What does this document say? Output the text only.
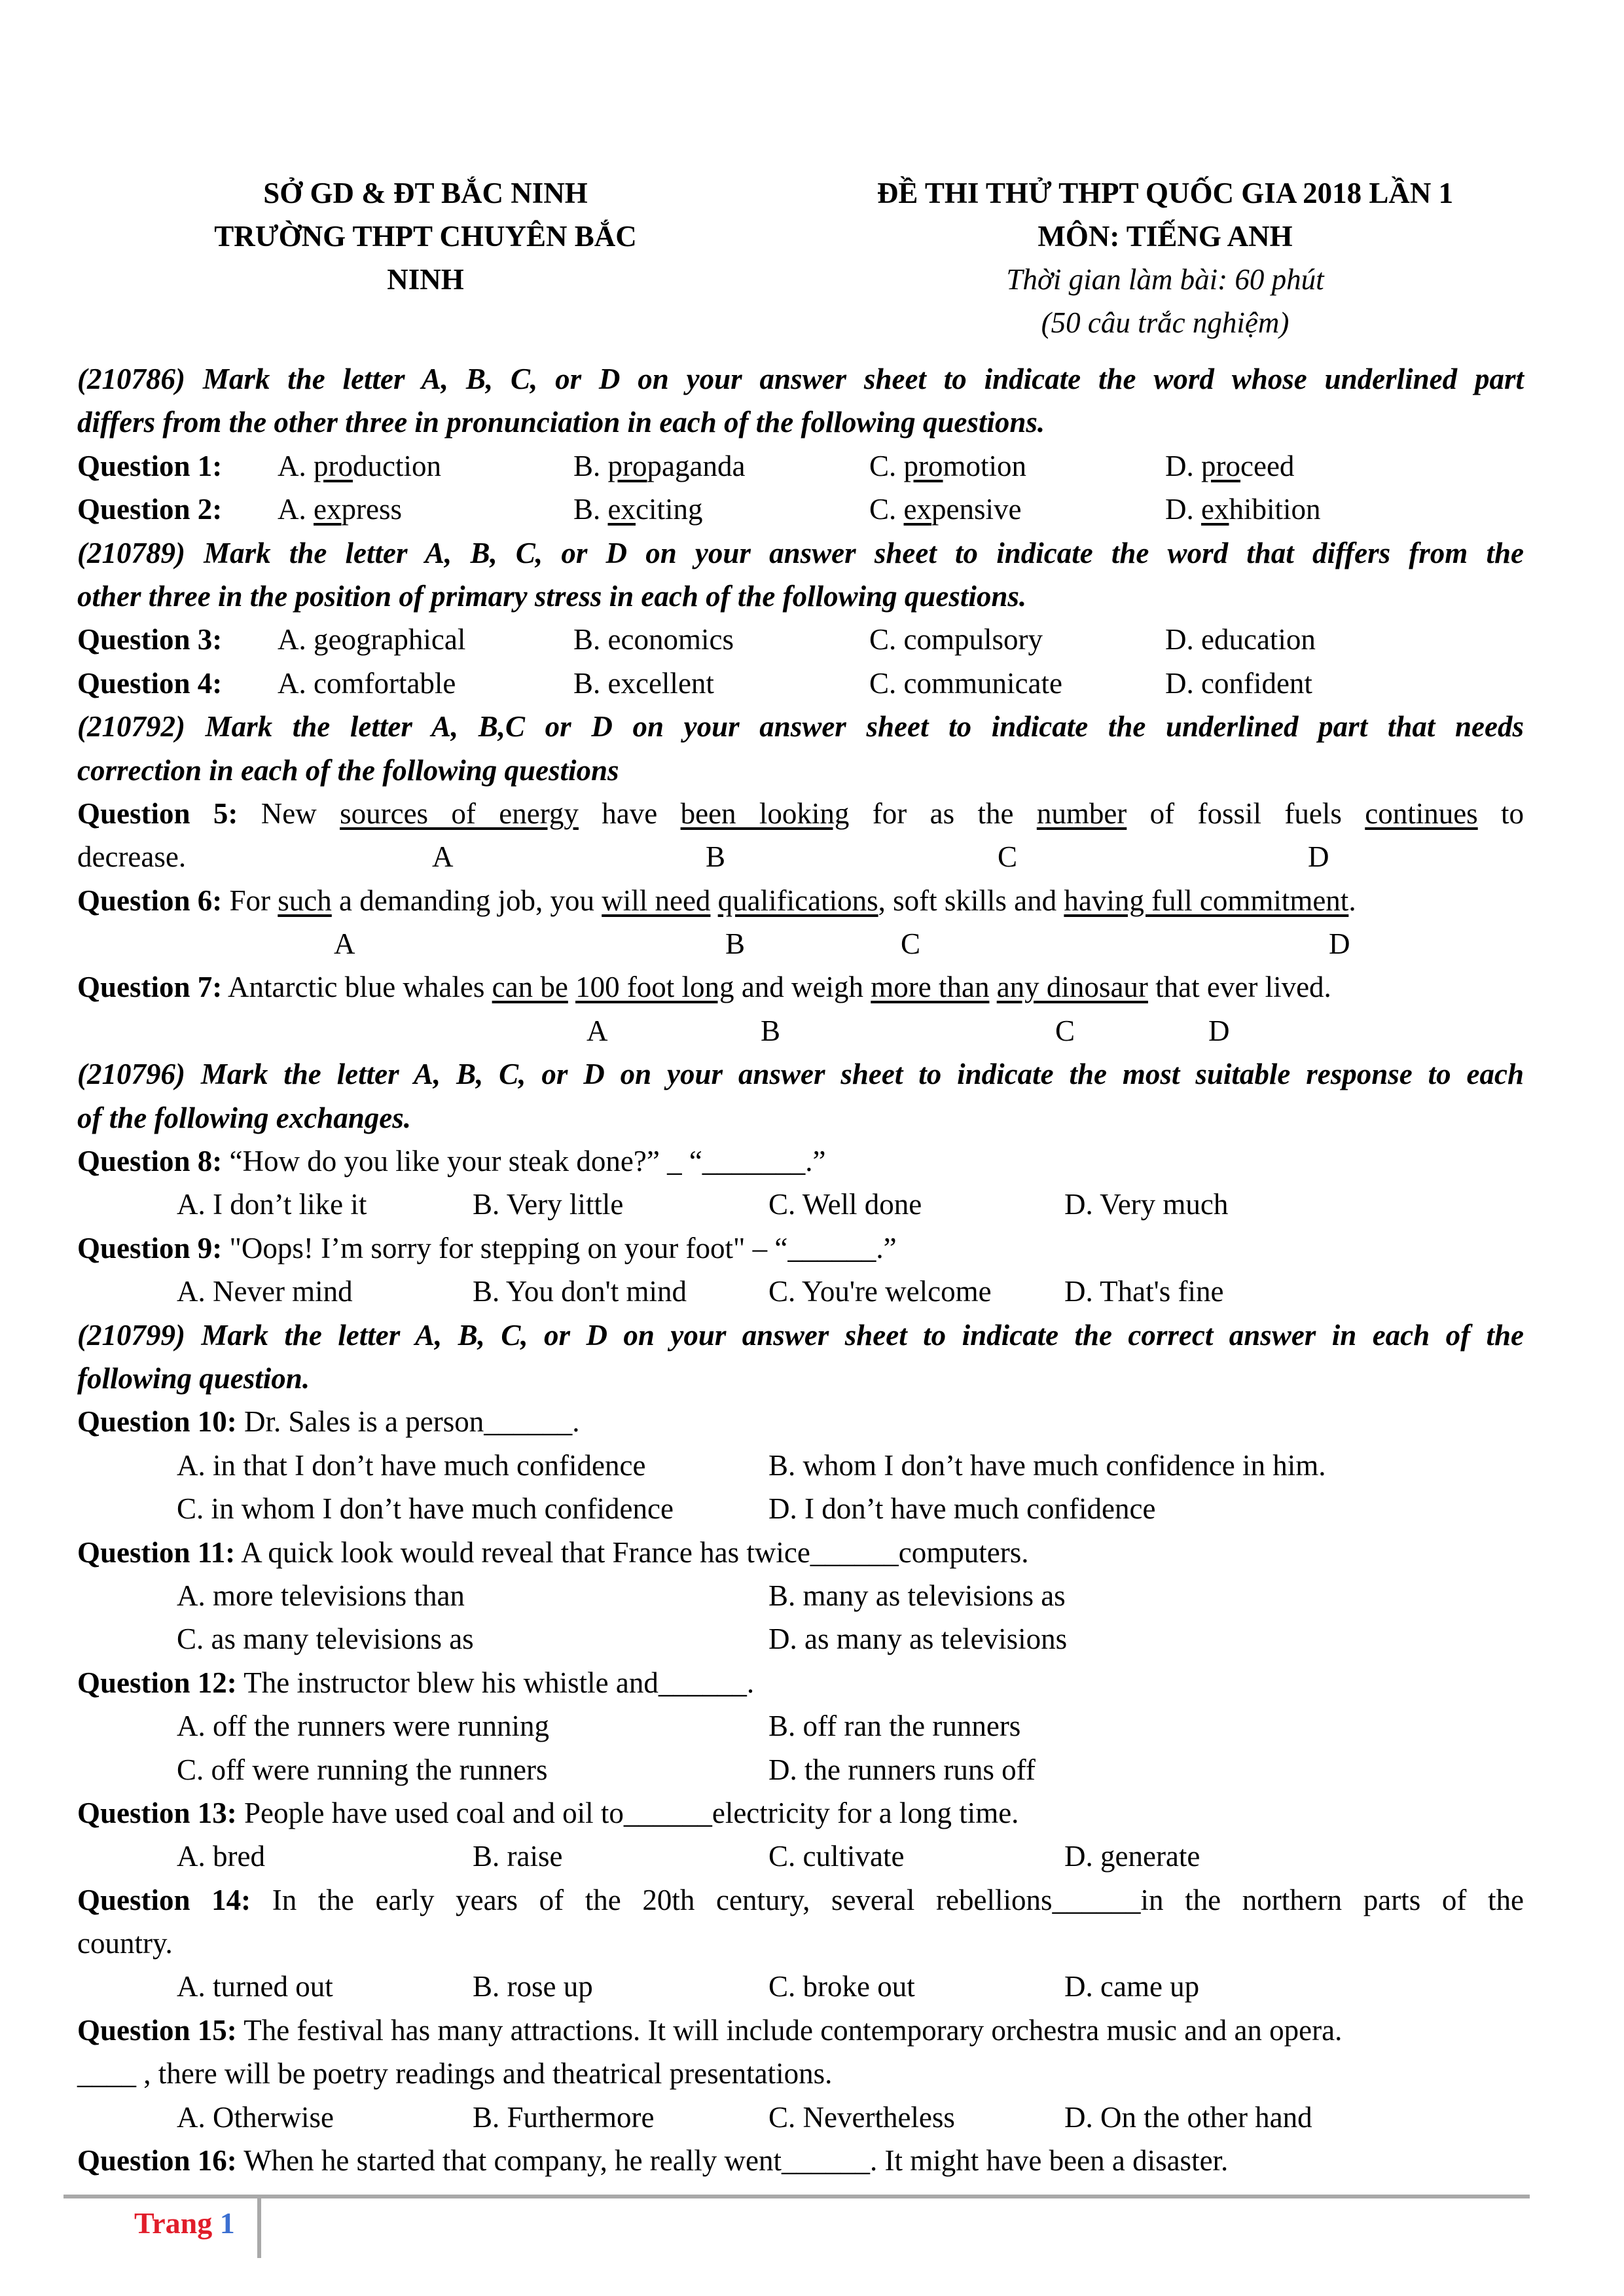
SỞ GD & ĐT BẮC NINH
TRƯỜNG THPT CHUYÊN BẮC
NINH
ĐỀ THI THỬ THPT QUỐC GIA 2018 LẦN 1
MÔN: TIẾNG ANH
Thời gian làm bài: 60 phút
(50 câu trắc nghiệm)
(210786) Mark the letter A, B, C, or D on your answer sheet to indicate the word whose underlined part
differs from the other three in pronunciation in each of the following questions.
Question 1: A. production	B. propaganda	C. promotion	D. proceed
Question 2: A. express	B. exciting	C. expensive	D. exhibition
(210789) Mark the letter A, B, C, or D on your answer sheet to indicate the word that differs from the
other three in the position of primary stress in each of the following questions.
Question 3: A. geographical	B. economics	C. compulsory	D. education
Question 4: A. comfortable	B. excellent	C. communicate	D. confident
(210792) Mark the letter A, B,C or D on your answer sheet to indicate the underlined part that needs
correction in each of the following questions
Question 5: New sources of energy have been looking for as the number of fossil fuels continues to
decrease.	A	B	C	D
Question 6: For such a demanding job, you will need qualifications, soft skills and having full commitment.
A	B	C	D
Question 7: Antarctic blue whales can be 100 foot long and weigh more than any dinosaur that ever lived.
A	B	C	D
(210796) Mark the letter A, B, C, or D on your answer sheet to indicate the most suitable response to each
of the following exchanges.
Question 8: “How do you like your steak done?” _ “_______.”
A. I don’t like it	B. Very little	C. Well done	D. Very much
Question 9: "Oops! I’m sorry for stepping on your foot" – “______.”
A. Never mind	B. You don't mind	C. You're welcome D. That's fine
(210799) Mark the letter A, B, C, or D on your answer sheet to indicate the correct answer in each of the
following question.
Question 10: Dr. Sales is a person______.
A. in that I don’t have much confidence	B. whom I don’t have much confidence in him.
C. in whom I don’t have much confidence	D. I don’t have much confidence
Question 11: A quick look would reveal that France has twice______computers.
A. more televisions than	B. many as televisions as
C. as many televisions as	D. as many as televisions
Question 12: The instructor blew his whistle and______.
A. off the runners were running	B. off ran the runners
C. off were running the runners	D. the runners runs off
Question 13: People have used coal and oil to______electricity for a long time.
A. bred	B. raise	C. cultivate	D. generate
Question 14: In the early years of the 20th century, several rebellions______in the northern parts of the
country.
A. turned out	B. rose up	C. broke out	D. came up
Question 15: The festival has many attractions. It will include contemporary orchestra music and an opera.
____ , there will be poetry readings and theatrical presentations.
A. Otherwise	B. Furthermore	C. Nevertheless	D. On the other hand
Question 16: When he started that company, he really went______. It might have been a disaster.
Trang 1
